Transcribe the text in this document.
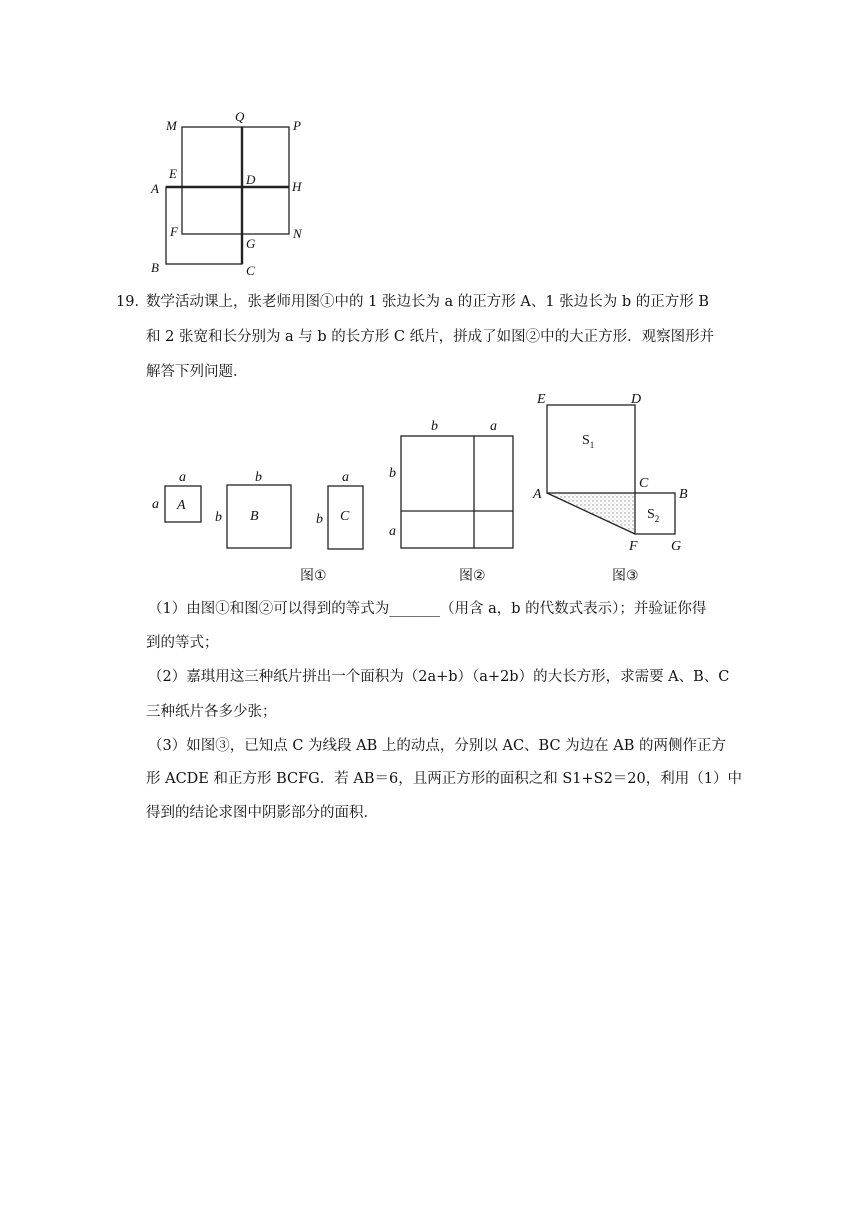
M
Q
P
E	D	H
A
F
G
N
B	C
19．
数学活动课上，张老师用图①中的 1 张边长为 a 的正方形 A、1 张边长为 b 的正方形 B
和 2 张宽和长分别为 a 与 b 的长方形 C 纸片，拼成了如图②中的大正方形．观察图形并
解答下列问题．
a
a A
b
b B
a
b C
图①
b	a
b
a
图②
E	D
A
C
B
F G
$S_1$
$S_2$
图③
（1）由图①和图②可以得到的等式为_______（用含 a，b 的代数式表示）；并验证你得
到的等式；
（2）嘉琪用这三种纸片拼出一个面积为（2a+b）（a+2b）的大长方形，求需要 A、B、C
三种纸片各多少张；
（3）如图③，已知点 C 为线段 AB 上的动点，分别以 AC、BC 为边在 AB 的两侧作正方
形 ACDE 和正方形 BCFG．若 AB＝6，且两正方形的面积之和 S1+S2＝20，利用（1）中
得到的结论求图中阴影部分的面积．
